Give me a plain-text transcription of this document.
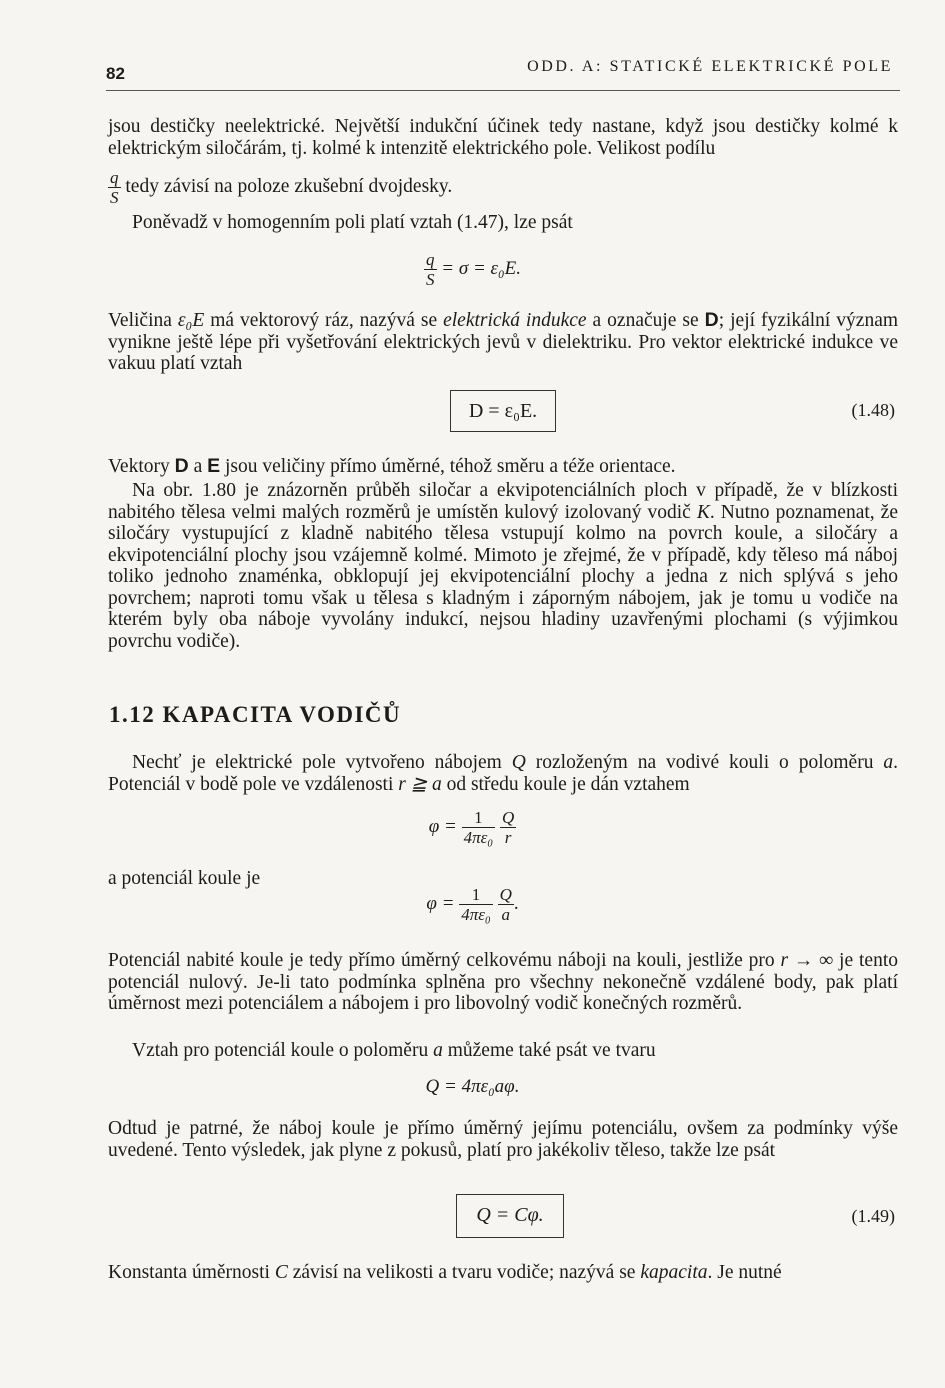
82	ODD. A: STATICKÉ ELEKTRICKÉ POLE
jsou destičky neelektrické. Největší indukční účinek tedy nastane, když jsou destičky kolmé k elektrickým siločárám, tj. kolmé k intenzitě elektrického pole. Velikost podílu
$\frac{q}{S}$ tedy závisí na poloze zkušební dvojdesky.
Poněvadž v homogenním poli platí vztah (1.47), lze psát
$\frac{q}{S} = \sigma = \varepsilon_0E$.
Veličina ε₀E má vektorový ráz, nazývá se elektrická indukce a označuje se D; její fyzikální význam vynikne ještě lépe při vyšetřování elektrických jevů v dielektriku. Pro vektor elektrické indukce ve vakuu platí vztah
D = ε₀E.	(1.48)
Vektory D a E jsou veličiny přímo úměrné, téhož směru a téže orientace.
Na obr. 1.80 je znázorněn průběh siločar a ekvipotenciálních ploch v případě, že v blízkosti nabitého tělesa velmi malých rozměrů je umístěn kulový izolovaný vodič K. Nutno poznamenat, že siločáry vystupující z kladně nabitého tělesa vstupují kolmo na povrch koule, a siločáry a ekvipotenciální plochy jsou vzájemně kolmé. Mimoto je zřejmé, že v případě, kdy těleso má náboj toliko jednoho znaménka, obklopují jej ekvipotenciální plochy a jedna z nich splývá s jeho povrchem; naproti tomu však u tělesa s kladným i záporným nábojem, jak je tomu u vodiče na kterém byly oba náboje vyvolány indukcí, nejsou hladiny uzavřenými plochami (s výjimkou povrchu vodiče).
1.12 KAPACITA VODIČŮ
Nechť je elektrické pole vytvořeno nábojem Q rozloženým na vodivé kouli o poloměru a. Potenciál v bodě pole ve vzdálenosti r ≧ a od středu koule je dán vztahem
$\varphi = \frac{1}{\text{4πε₀}}$
$\frac{Q}{r}$
a potenciál koule je
$\varphi = \frac{1}{\text{4πε₀}}$
$\frac{Q}{a}$ .
Potenciál nabité koule je tedy přímo úměrný celkovému náboji na kouli, jestliže pro r → ∞ je tento potenciál nulový. Je-li tato podmínka splněna pro všechny nekonečně vzdálené body, pak platí úměrnost mezi potenciálem a nábojem i pro libovolný vodič konečných rozměrů.
Vztah pro potenciál koule o poloměru a můžeme také psát ve tvaru
Q = 4πε₀aφ.
Odtud je patrné, že náboj koule je přímo úměrný jejímu potenciálu, ovšem za podmínky výše uvedené. Tento výsledek, jak plyne z pokusů, platí pro jakékoliv těleso, takže lze psát
Q = Cφ.	(1.49)
Konstanta úměrnosti C závisí na velikosti a tvaru vodiče; nazývá se kapacita. Je nutné
